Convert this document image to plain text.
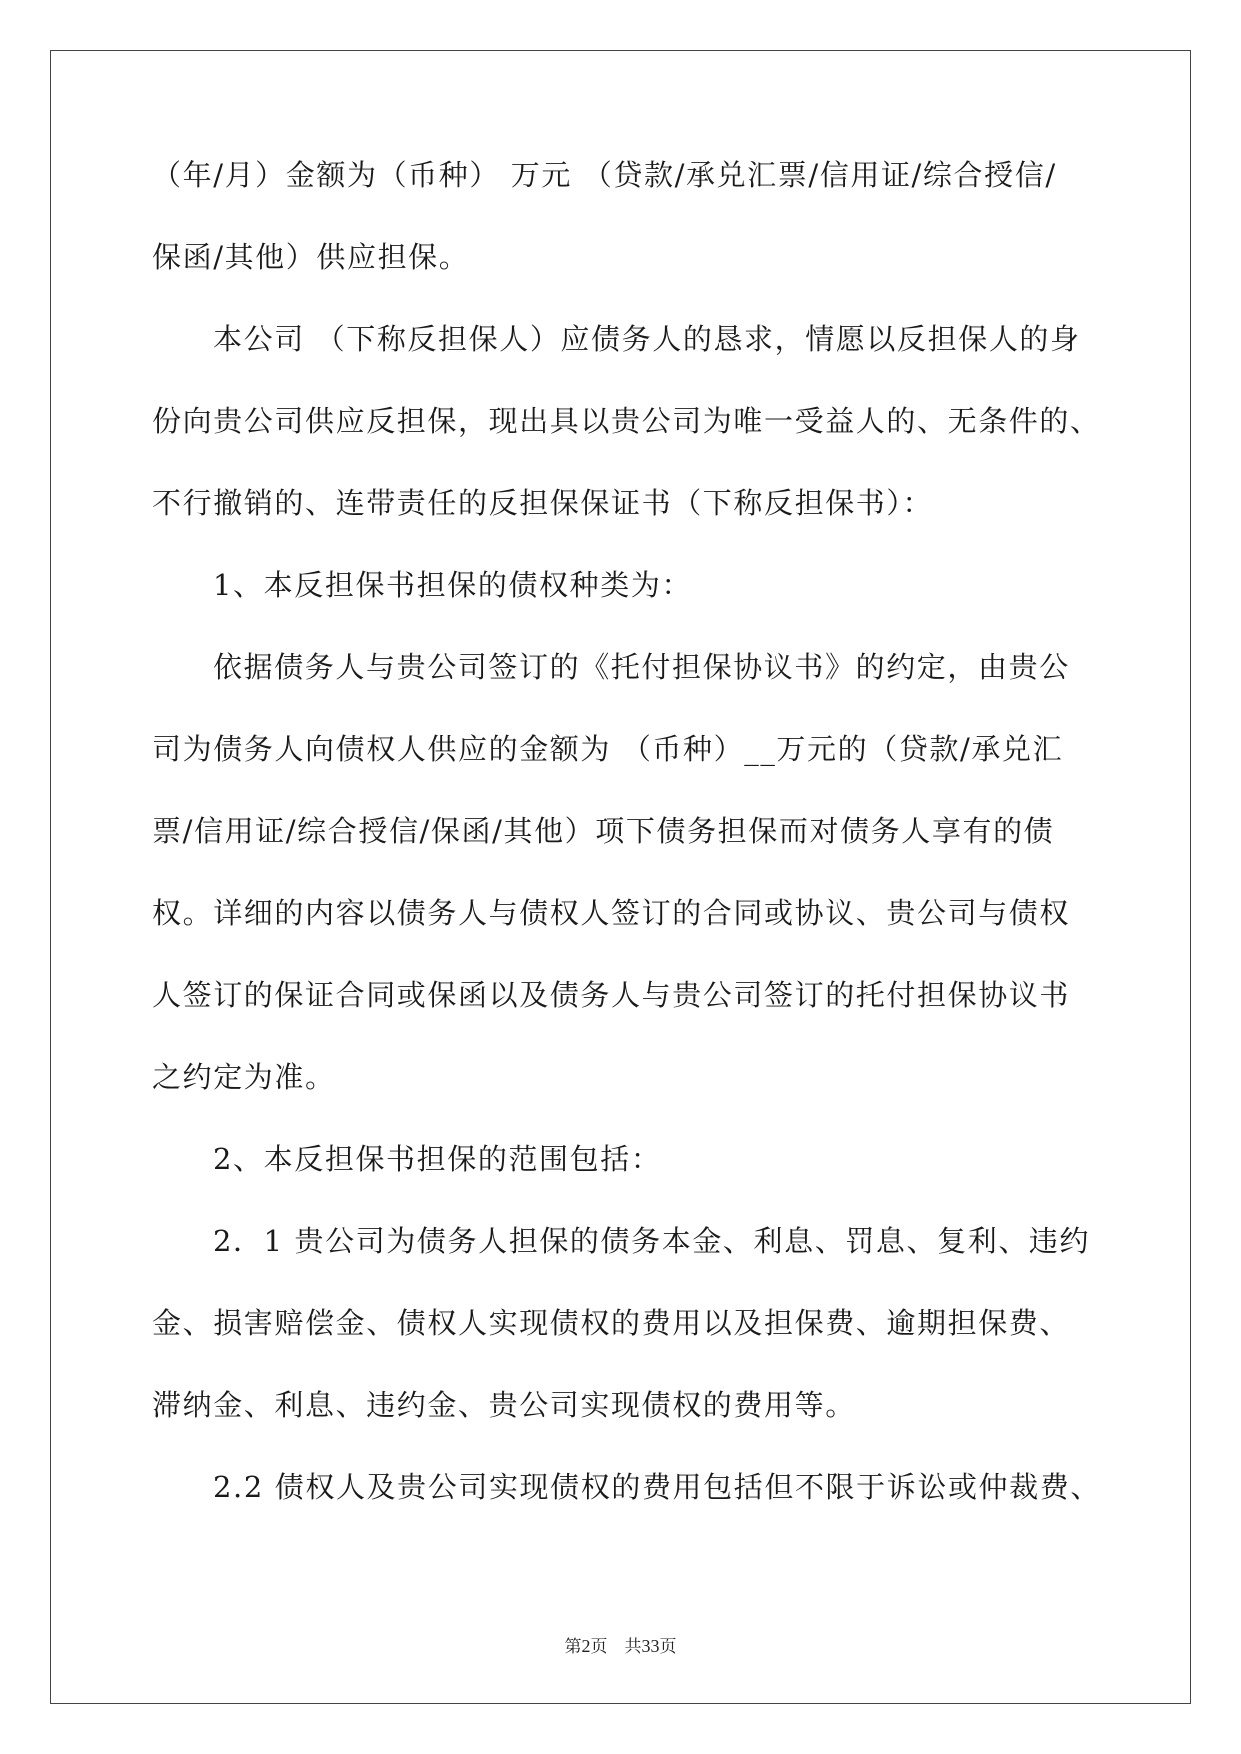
（年/月）金额为（币种） 万元 （贷款/承兑汇票/信用证/综合授信/
保函/其他）供应担保。
本公司 （下称反担保人）应债务人的恳求，情愿以反担保人的身
份向贵公司供应反担保，现出具以贵公司为唯一受益人的、无条件的、
不行撤销的、连带责任的反担保保证书（下称反担保书）：
1、本反担保书担保的债权种类为：
依据债务人与贵公司签订的《托付担保协议书》的约定，由贵公
司为债务人向债权人供应的金额为 （币种）__万元的（贷款/承兑汇
票/信用证/综合授信/保函/其他）项下债务担保而对债务人享有的债
权。详细的内容以债务人与债权人签订的合同或协议、贵公司与债权
人签订的保证合同或保函以及债务人与贵公司签订的托付担保协议书
之约定为准。
2、本反担保书担保的范围包括：
2．1 贵公司为债务人担保的债务本金、利息、罚息、复利、违约
金、损害赔偿金、债权人实现债权的费用以及担保费、逾期担保费、
滞纳金、利息、违约金、贵公司实现债权的费用等。
2.2 债权人及贵公司实现债权的费用包括但不限于诉讼或仲裁费、
第2页　共33页
